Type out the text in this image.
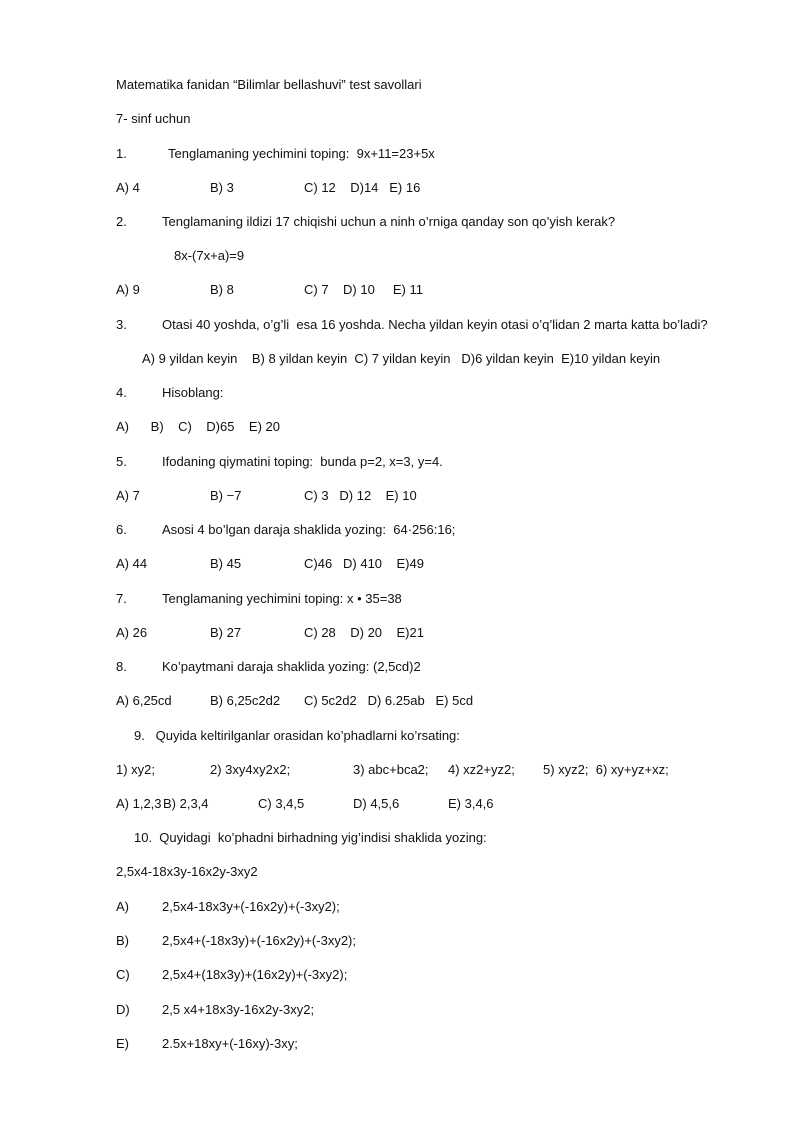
Matematika fanidan “Bilimlar bellashuvi” test savollari
7- sinf uchun
1.	Tenglamaning yechimini toping:  9x+11=23+5x
A) 4	B) 3	C) 12    D)14   E) 16
2.	Tenglamaning ildizi 17 chiqishi uchun a ninh o’rniga qanday son qo’yish kerak?
8x-(7x+a)=9
A) 9	B) 8	C) 7    D) 10     E) 11
3.	Otasi 40 yoshda, o’g’li  esa 16 yoshda. Necha yildan keyin otasi o’q’lidan 2 marta katta bo’ladi?
A) 9 yildan keyin    B) 8 yildan keyin  C) 7 yildan keyin   D)6 yildan keyin  E)10 yildan keyin
4.	Hisoblang:
A)      B)    C)    D)65    E) 20
5.	Ifodaning qiymatini toping:  bunda p=2, x=3, y=4.
A) 7	B) −7	C) 3   D) 12    E) 10
6.	Asosi 4 bo’lgan daraja shaklida yozing:  64·256:16;
A) 44	B) 45	C)46   D) 410    E)49
7.	Tenglamaning yechimini toping: x • 35=38
A) 26	B) 27	C) 28    D) 20    E)21
8.	Ko’paytmani daraja shaklida yozing: (2,5cd)2
A) 6,25cd	B) 6,25c2d2 C) 5c2d2   D) 6.25ab   E) 5cd
9.   Quyida keltirilganlar orasidan ko’phadlarni ko’rsating:
1) xy2;	2) 3xy4xy2x2;	3) abc+bca2; 4) xz2+yz2; 5) xyz2;  6) xy+yz+xz;
A) 1,2,3 B) 2,3,4	C) 3,4,5	D) 4,5,6	E) 3,4,6
10.  Quyidagi  ko’phadni birhadning yig’indisi shaklida yozing:
2,5x4-18x3y-16x2y-3xy2
A)	2,5x4-18x3y+(-16x2y)+(-3xy2);
B)	2,5x4+(-18x3y)+(-16x2y)+(-3xy2);
C) 2,5x4+(18x3y)+(16x2y)+(-3xy2);
D) 2,5 x4+18x3y-16x2y-3xy2;
E)	2.5x+18xy+(-16xy)-3xy;
